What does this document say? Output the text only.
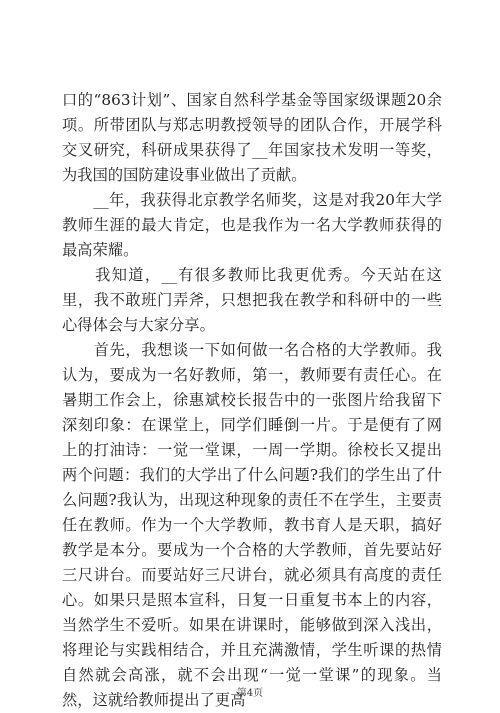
口的“863计划”、国家自然科学基金等国家级课题20余项。所带团队与郑志明教授领导的团队合作，开展学科交叉研究，科研成果获得了__年国家技术发明一等奖，为我国的国防建设事业做出了贡献。

　　__年，我获得北京教学名师奖，这是对我20年大学教师生涯的最大肯定，也是我作为一名大学教师获得的最高荣耀。

　　我知道，__有很多教师比我更优秀。今天站在这里，我不敢班门弄斧，只想把我在教学和科研中的一些心得体会与大家分享。

　　首先，我想谈一下如何做一名合格的大学教师。我认为，要成为一名好教师，第一，教师要有责任心。在暑期工作会上，徐惠斌校长报告中的一张图片给我留下深刻印象：在课堂上，同学们睡倒一片。于是便有了网上的打油诗：一觉一堂课，一周一学期。徐校长又提出两个问题：我们的大学出了什么问题?我们的学生出了什么问题?我认为，出现这种现象的责任不在学生，主要责任在教师。作为一个大学教师，教书育人是天职，搞好教学是本分。要成为一个合格的大学教师，首先要站好三尺讲台。而要站好三尺讲台，就必须具有高度的责任心。如果只是照本宣科，日复一日重复书本上的内容，当然学生不爱听。如果在讲课时，能够做到深入浅出，将理论与实践相结合，并且充满激情，学生听课的热情自然就会高涨，就不会出现“一觉一堂课”的现象。当然，这就给教师提出了更高

第4页
